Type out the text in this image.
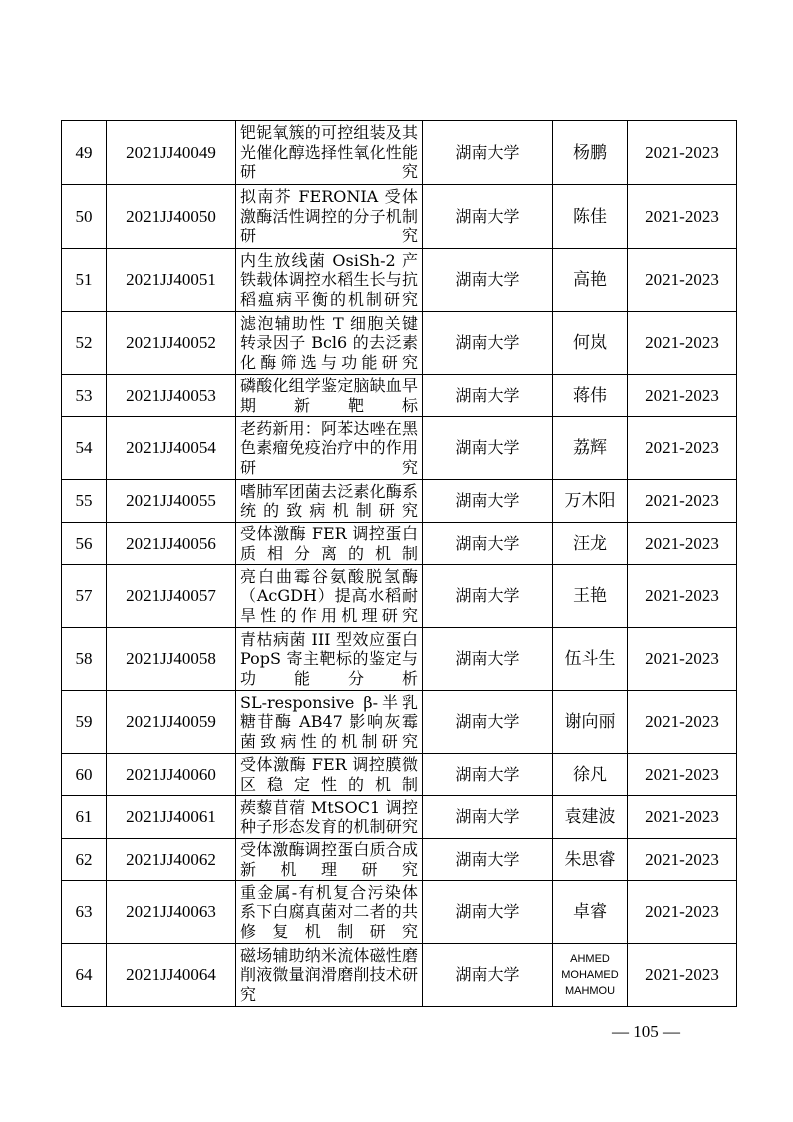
49	2021JJ40049	钯铌氧簇的可控组装及其光催化醇选择性氧化性能研究	湖南大学	杨鹏	2021-2023
50	2021JJ40050	拟南芥 FERONIA 受体激酶活性调控的分子机制研究	湖南大学	陈佳	2021-2023
51	2021JJ40051	内生放线菌 OsiSh-2 产铁载体调控水稻生长与抗稻瘟病平衡的机制研究	湖南大学	高艳	2021-2023
52	2021JJ40052	滤泡辅助性 T 细胞关键转录因子 Bcl6 的去泛素化酶筛选与功能研究	湖南大学	何岚	2021-2023
53	2021JJ40053	磷酸化组学鉴定脑缺血早期新靶标	湖南大学	蒋伟	2021-2023
54	2021JJ40054	老药新用：阿苯达唑在黑色素瘤免疫治疗中的作用研究	湖南大学	荔辉	2021-2023
55	2021JJ40055	嗜肺军团菌去泛素化酶系统的致病机制研究	湖南大学	万木阳	2021-2023
56	2021JJ40056	受体激酶 FER 调控蛋白质相分离的机制	湖南大学	汪龙	2021-2023
57	2021JJ40057	亮白曲霉谷氨酸脱氢酶（AcGDH）提高水稻耐旱性的作用机理研究	湖南大学	王艳	2021-2023
58	2021JJ40058	青枯病菌 III 型效应蛋白 PopS 寄主靶标的鉴定与功能分析	湖南大学	伍斗生	2021-2023
59	2021JJ40059	SL-responsive β-半乳糖苷酶 AB47 影响灰霉菌致病性的机制研究	湖南大学	谢向丽	2021-2023
60	2021JJ40060	受体激酶 FER 调控膜微区稳定性的机制	湖南大学	徐凡	2021-2023
61	2021JJ40061	蒺藜苜蓿 MtSOC1 调控种子形态发育的机制研究	湖南大学	袁建波	2021-2023
62	2021JJ40062	受体激酶调控蛋白质合成新机理研究	湖南大学	朱思睿	2021-2023
63	2021JJ40063	重金属-有机复合污染体系下白腐真菌对二者的共修复机制研究	湖南大学	卓睿	2021-2023
64	2021JJ40064	磁场辅助纳米流体磁性磨削液微量润滑磨削技术研究	湖南大学	AHMED MOHAMED MAHMOU	2021-2023
— 105 —
